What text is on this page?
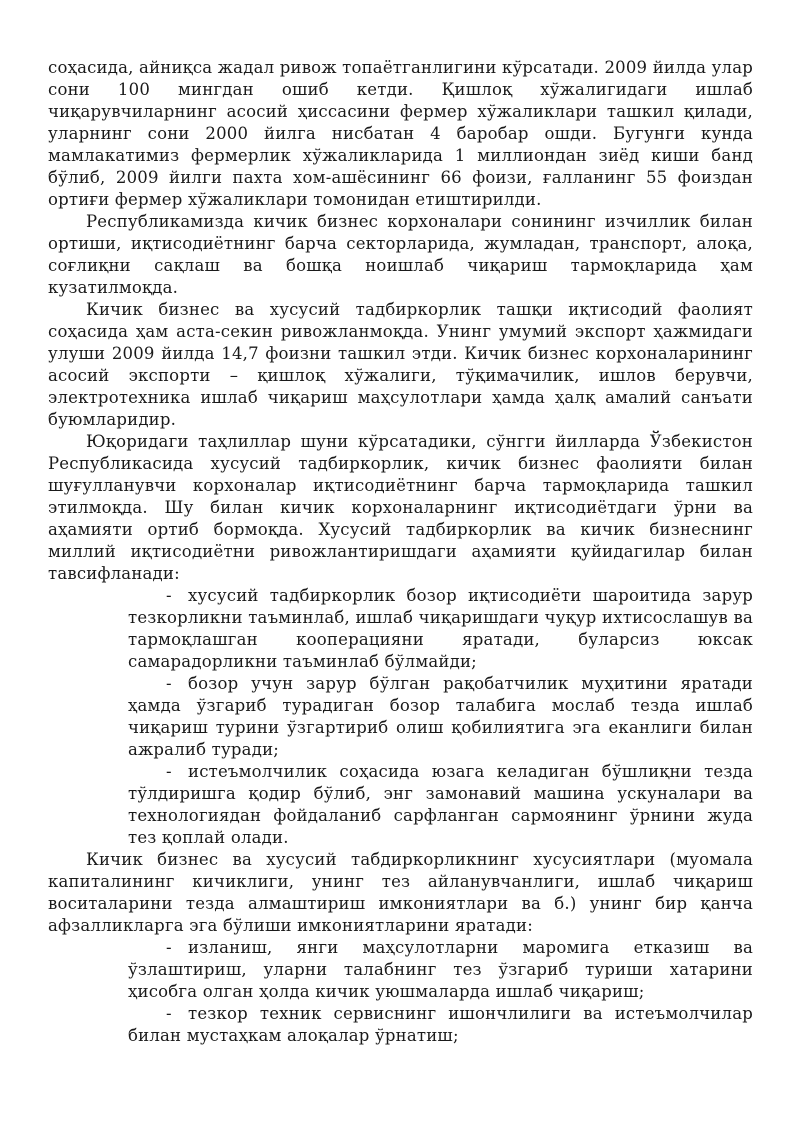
соҳасида, айниқса жадал ривож топаётганлигини кўрсатади. 2009 йилда улар сони 100 мингдан ошиб кетди. Қишлоқ хўжалигидаги ишлаб чиқарувчиларнинг асосий ҳиссасини фермер хўжаликлари ташкил қилади, уларнинг сони 2000 йилга нисбатан 4 баробар ошди. Бугунги кунда мамлакатимиз фермерлик хўжаликларида 1 миллиондан зиёд киши банд бўлиб, 2009 йилги пахта хом-ашёсининг 66 фоизи, ғалланинг 55 фоиздан ортиғи фермер хўжаликлари томонидан етиштирилди.

Республикамизда кичик бизнес корхоналари сонининг изчиллик билан ортиши, иқтисодиётнинг барча секторларида, жумладан, транспорт, алоқа, соғлиқни сақлаш ва бошқа ноишлаб чиқариш тармоқларида ҳам кузатилмоқда.

Кичик бизнес ва хусусий тадбиркорлик ташқи иқтисодий фаолият соҳасида ҳам аста-секин ривожланмоқда. Унинг умумий экспорт ҳажмидаги улуши 2009 йилда 14,7 фоизни ташкил этди. Кичик бизнес корхоналарининг асосий экспорти – қишлоқ хўжалиги, тўқимачилик, ишлов берувчи, электротехника ишлаб чиқариш маҳсулотлари ҳамда ҳалқ амалий санъати буюмларидир.

Юқоридаги таҳлиллар шуни кўрсатадики, сўнгги йилларда Ўзбекистон Республикасида хусусий тадбиркорлик, кичик бизнес фаолияти билан шуғулланувчи корхоналар иқтисодиётнинг барча тармоқларида ташкил этилмоқда. Шу билан кичик корхоналарнинг иқтисодиётдаги ўрни ва аҳамияти ортиб бормоқда. Хусусий тадбиркорлик ва кичик бизнеснинг миллий иқтисодиётни ривожлантиришдаги аҳамияти қуйидагилар билан тавсифланади:

- хусусий тадбиркорлик бозор иқтисодиёти шароитида зарур тезкорликни таъминлаб, ишлаб чиқаришдаги чуқур ихтисослашув ва тармоқлашган кооперацияни яратади, буларсиз юксак самарадорликни таъминлаб бўлмайди;

- бозор учун зарур бўлган рақобатчилик муҳитини яратади ҳамда ўзгариб турадиган бозор талабига мослаб тезда ишлаб чиқариш турини ўзгартириб олиш қобилиятига эга еканлиги билан ажралиб туради;

- истеъмолчилик соҳасида юзага келадиган бўшлиқни тезда тўлдиришга қодир бўлиб, энг замонавий машина ускуналари ва технологиядан фойдаланиб сарфланган сармоянинг ўрнини жуда тез қоплай олади.

Кичик бизнес ва хусусий табдиркорликнинг хусусиятлари (муомала капиталининг кичиклиги, унинг тез айланувчанлиги, ишлаб чиқариш воситаларини тезда алмаштириш имкониятлари ва б.) унинг бир қанча афзалликларга эга бўлиши имкониятларини яратади:

- изланиш, янги маҳсулотларни маромига етказиш ва ўзлаштириш, уларни талабнинг тез ўзгариб туриши хатарини ҳисобга олган ҳолда кичик уюшмаларда ишлаб чиқариш;

- тезкор техник сервиснинг ишончлилиги ва истеъмолчилар билан мустаҳкам алоқалар ўрнатиш;
